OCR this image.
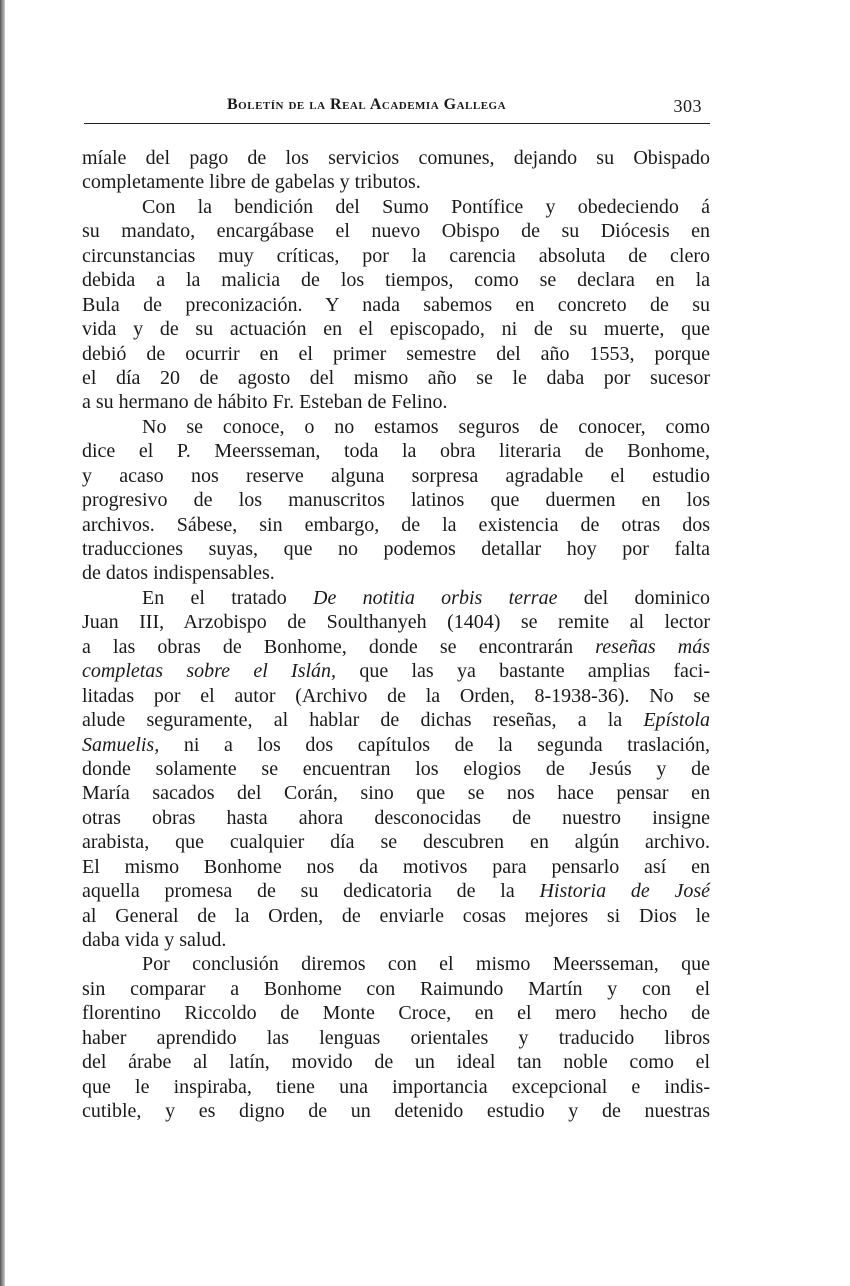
Boletín de la Real Academia Gallega	303
míale del pago de los servicios comunes, dejando su Obispado
completamente libre de gabelas y tributos.
Con la bendición del Sumo Pontífice y obedeciendo á
su mandato, encargábase el nuevo Obispo de su Diócesis en
circunstancias muy críticas, por la carencia absoluta de clero
debida a la malicia de los tiempos, como se declara en la
Bula de preconización. Y nada sabemos en concreto de su
vida y de su actuación en el episcopado, ni de su muerte, que
debió de ocurrir en el primer semestre del año 1553, porque
el día 20 de agosto del mismo año se le daba por sucesor
a su hermano de hábito Fr. Esteban de Felino.
No se conoce, o no estamos seguros de conocer, como
dice el P. Meersseman, toda la obra literaria de Bonhome,
y acaso nos reserve alguna sorpresa agradable el estudio
progresivo de los manuscritos latinos que duermen en los
archivos. Sábese, sin embargo, de la existencia de otras dos
traducciones suyas, que no podemos detallar hoy por falta
de datos indispensables.
En el tratado De notitia orbis terrae del dominico
Juan III, Arzobispo de Soulthanyeh (1404) se remite al lector
a las obras de Bonhome, donde se encontrarán reseñas más
completas sobre el Islán, que las ya bastante amplias faci-
litadas por el autor (Archivo de la Orden, 8-1938-36). No se
alude seguramente, al hablar de dichas reseñas, a la Epístola
Samuelis, ni a los dos capítulos de la segunda traslación,
donde solamente se encuentran los elogios de Jesús y de
María sacados del Corán, sino que se nos hace pensar en
otras obras hasta ahora desconocidas de nuestro insigne
arabista, que cualquier día se descubren en algún archivo.
El mismo Bonhome nos da motivos para pensarlo así en
aquella promesa de su dedicatoria de la Historia de José
al General de la Orden, de enviarle cosas mejores si Dios le
daba vida y salud.
Por conclusión diremos con el mismo Meersseman, que
sin comparar a Bonhome con Raimundo Martín y con el
florentino Riccoldo de Monte Croce, en el mero hecho de
haber aprendido las lenguas orientales y traducido libros
del árabe al latín, movido de un ideal tan noble como el
que le inspiraba, tiene una importancia excepcional e indis-
cutible, y es digno de un detenido estudio y de nuestras
